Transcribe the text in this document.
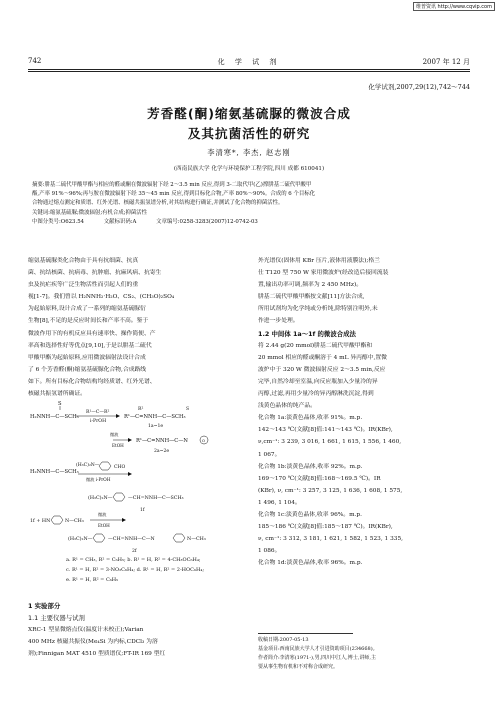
维普资讯 http://www.cqvip.com
742	化 学 试 剂	2007 年 12 月
化学试剂,2007,29(12),742～744
芳香醛(酮)缩氨基硫脲的微波合成
及其抗菌活性的研究
李清寒*, 李杰, 赵志刚
(西南民族大学 化学与环境保护工程学院,四川 成都 610041)
摘要:肼基二硫代甲酸甲酯与相应的醛或酮在微波辐射下经 2～3.5 min 反应,得到 3-二取代甲(乙)撑肼基二硫代甲酸甲
酯,产率 91%～96%;再与胺在微波辐射下经 35～45 min 反应,得到目标化合物,产率 80%～90%。合成的 6 个目标化
合物通过熔点测定和质谱、红外光谱、核磁共振氢谱分析,对其结构进行确证,并测试了化合物的抑菌活性。
关键词:缩氨基硫脲;微波辐射;有机合成;抑菌活性
中图分类号:O623.54	文献标识码:A	文章编号:0258-3283(2007)12-0742-03
缩氨基硫脲类化合物由于具有抗细菌、抗真
菌、抗结核菌、抗病毒、抗肿瘤、抗麻风病、抗寄生
虫及抗疟疾等广泛生物活性而引起人们的重
视[1-7]。我们曾以 H₂NNH₂·H₂O、CS₂、(CH₃O)₂SO₄
为起始原料,设计合成了一系列的缩氨基硫脲衍
生物[8],不足的是反应时间长和产率不高。鉴于
微波作用下的有机反应具有速率快、操作简便、产
率高和选择性好等优点[9,10],于是以肼基二硫代
甲酸甲酯为起始原料,应用微波辐射法设计合成
了 6 个芳香醛(酮)缩氨基硫脲化合物,合成路线
如下。所有目标化合物结构均经质谱、红外光谱、
核磁共振氢谱所确证。
H₂NNH—C—SCH₃
S
R¹—C—R²
i-PrOH
R¹—C=NNH—C—SCH₃
R²	S
1a~1e
微波
EtOH
R¹—C=NNH—C—N	O
2a~2e
H₂NNH—C—SCH₃
(H₃C)₂N—	CHO
微波 i-PrOH
(H₃C)₂N—	—CH=NNH—C—SCH₃
1f
1f + HN	N—CH₃
微波
EtOH
(H₃C)₂N—	—CH=NNH—C—N	N—CH₃
2f
a. R¹ = CH₃, R² = C₆H₅; b. R¹ = H, R² = 4-CH₃OC₆H₄;
c. R¹ = H, R² = 3-NO₂C₆H₄; d. R¹ = H, R² = 2-HOC₆H₄;
e. R¹ = H, R² = C₆H₅
1 实验部分
1.1 主要仪器与试剂
XRC-1 型显微熔点仪(温度计未校正);Varian
400 MHz 核磁共振仪(Me₄Si 为内标,CDCl₃ 为溶
剂);Finnigan MAT 4510 型质谱仪;FT-IR 169 型红
外光谱仪(固体用 KBr 压片,液体用液膜法);格兰
仕 T120 型 750 W 家用微波炉(经改造后接回流装
置,输出功率可调,频率为 2 450 MHz)。
肼基二硫代甲酸甲酯按文献[11]方法合成,
所用试剂均为化学纯或分析纯,除特别注明外,未
作进一步处理。
1.2 中间体 1a～1f 的微波合成法
将 2.44 g(20 mmol)肼基二硫代甲酸甲酯和
20 mmol 相应的醛或酮溶于 4 mL 异丙醇中,置微
波炉中于 320 W 微波辐射反应 2～3.5 min,反应
完毕,自然冷却至室温,向反应瓶加入少量冷的异
丙醇,过滤,再用少量冷的异丙醇淋洗沉淀,得到
浅黄色晶体的纯产品。
化合物 1a:淡黄色晶体,收率 91%。m.p.
142～143 ℃(文献[8]值:141～143 ℃)。IR(KBr),
ν,cm⁻¹: 3 239, 3 016, 1 661, 1 615, 1 556, 1 460,
1 067。
化合物 1b:淡黄色晶体,收率 92%。m.p.
169～170 ℃(文献[8]值:168～169.5 ℃)。IR
(KBr), ν, cm⁻¹: 3 257, 3 125, 1 636, 1 608, 1 575,
1 496, 1 104。
化合物 1c:淡黄色晶体,收率 96%。m.p.
185～186 ℃(文献[8]值:185～187 ℃)。IR(KBr),
ν, cm⁻¹: 3 312, 3 181, 1 621, 1 582, 1 523, 1 335,
1 086。
化合物 1d:淡黄色晶体,收率 96%。m.p.
收稿日期:2007-05-13
基金项目:西南民族大学人才引进资助项目(234668)。
作者简介:李清寒(1971-),男,四川中江人,博士,讲师,主
要从事生物有机和不对称合成研究。
